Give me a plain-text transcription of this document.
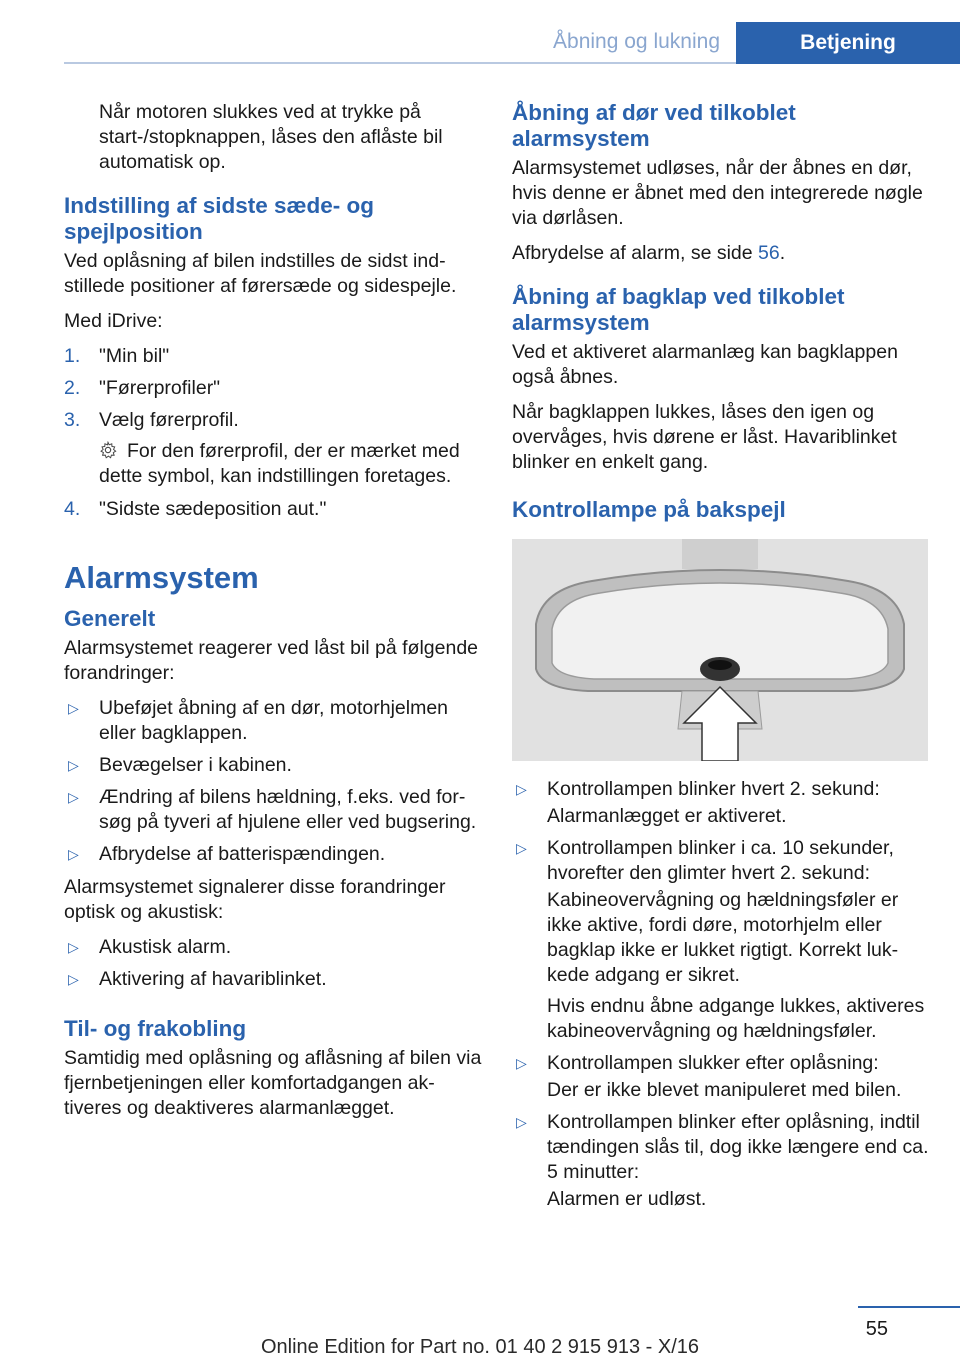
Åbning og lukning	Betjening

Når motoren slukkes ved at trykke på start-/stopknappen, låses den aflåste bil automatisk op.

Indstilling af sidste sæde- og spejlposition

Ved oplåsning af bilen indstilles de sidst indstillede positioner af førersæde og sidespejle.

Med iDrive:

1. "Min bil"
2. "Førerprofiler"
3. Vælg førerprofil.
For den førerprofil, der er mærket med dette symbol, kan indstillingen foretages.
4. "Sidste sædeposition aut."
Alarmsystem
Generelt

Alarmsystemet reagerer ved låst bil på følgende forandringer:

▷ Ubeføjet åbning af en dør, motorhjelmen eller bagklappen.
▷ Bevægelser i kabinen.
▷ Ændring af bilens hældning, f.eks. ved forsøg på tyveri af hjulene eller ved bugsering.
▷ Afbrydelse af batterispændingen.

Alarmsystemet signalerer disse forandringer optisk og akustisk:

▷ Akustisk alarm.
▷ Aktivering af havariblinket.
Til- og frakobling

Samtidig med oplåsning og aflåsning af bilen via fjernbetjeningen eller komfortadgangen aktiveres og deaktiveres alarmanlægget.

Åbning af dør ved tilkoblet alarmsystem

Alarmsystemet udløses, når der åbnes en dør, hvis denne er åbnet med den integrerede nøgle via dørlåsen.

Afbrydelse af alarm, se side 56.

Åbning af bagklap ved tilkoblet alarmsystem

Ved et aktiveret alarmanlæg kan bagklappen også åbnes.

Når bagklappen lukkes, låses den igen og overvåges, hvis dørene er låst. Havariblinket blinker en enkelt gang.

Kontrollampe på bakspejl
▷ Kontrollampen blinker hvert 2. sekund:

Alarmanlægget er aktiveret.

▷ Kontrollampen blinker i ca. 10 sekunder, hvorefter den glimter hvert 2. sekund:

Kabineovervågning og hældningsføler er ikke aktive, fordi døre, motorhjelm eller bagklap ikke er lukket rigtigt. Korrekt lukkede adgang er sikret.

Hvis endnu åbne adgange lukkes, aktiveres kabineovervågning og hældningsføler.

▷ Kontrollampen slukker efter oplåsning:

Der er ikke blevet manipuleret med bilen.

▷ Kontrollampen blinker efter oplåsning, indtil tændingen slås til, dog ikke længere end ca. 5 minutter:

Alarmen er udløst.

55
Online Edition for Part no. 01 40 2 915 913 - X/16
